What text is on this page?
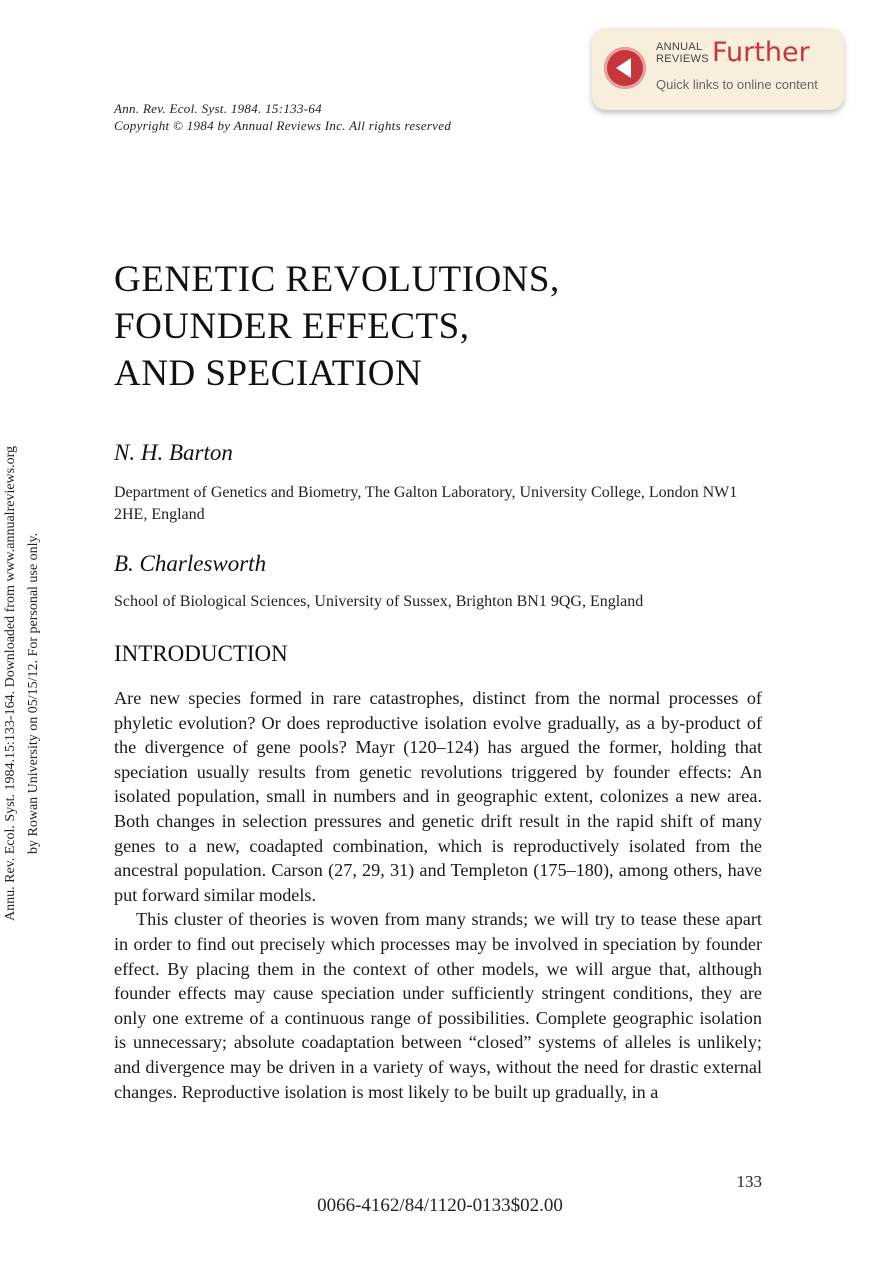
ANNUAL
REVIEWS Further
Quick links to online content
Ann. Rev. Ecol. Syst. 1984. 15:133-64
Copyright © 1984 by Annual Reviews Inc. All rights reserved
Annu. Rev. Ecol. Syst. 1984.15:133-164. Downloaded from www.annualreviews.org by Rowan University on 05/15/12. For personal use only.
GENETIC REVOLUTIONS,
FOUNDER EFFECTS,
AND SPECIATION
N. H. Barton
Department of Genetics and Biometry, The Galton Laboratory, University College, London NW1 2HE, England
B. Charlesworth
School of Biological Sciences, University of Sussex, Brighton BN1 9QG, England
INTRODUCTION

Are new species formed in rare catastrophes, distinct from the normal processes of phyletic evolution? Or does reproductive isolation evolve gradually, as a by-product of the divergence of gene pools? Mayr (120–124) has argued the former, holding that speciation usually results from genetic revolutions triggered by founder effects: An isolated population, small in numbers and in geographic extent, colonizes a new area. Both changes in selection pressures and genetic drift result in the rapid shift of many genes to a new, coadapted combination, which is reproductively isolated from the ancestral population. Carson (27, 29, 31) and Templeton (175–180), among others, have put forward similar models.

This cluster of theories is woven from many strands; we will try to tease these apart in order to find out precisely which processes may be involved in speciation by founder effect. By placing them in the context of other models, we will argue that, although founder effects may cause speciation under sufficiently stringent conditions, they are only one extreme of a continuous range of possibilities. Complete geographic isolation is unnecessary; absolute coadaptation between “closed” systems of alleles is unlikely; and divergence may be driven in a variety of ways, without the need for drastic external changes. Reproductive isolation is most likely to be built up gradually, in a

133
0066-4162/84/1120-0133$02.00
